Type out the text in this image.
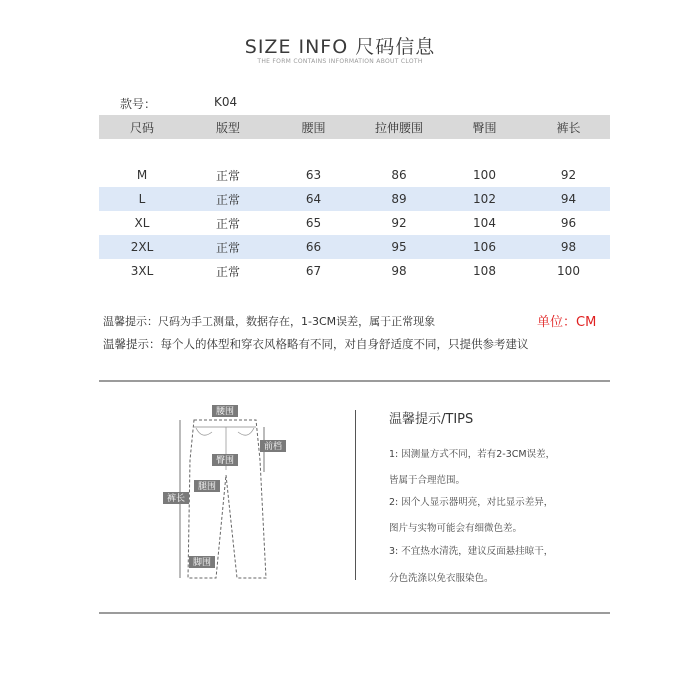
SIZE INFO 尺码信息
THE FORM CONTAINS INFORMATION ABOUT CLOTH
款号：	K04
尺码	版型	腰围	拉伸腰围	臀围	裤长
M	正常	63	86	100	92
L	正常	64	89	102	94
XL	正常	65	92	104	96
2XL	正常	66	95	106	98
3XL	正常	67	98	108	100
温馨提示：尺码为手工测量，数据存在，1-3CM误差，属于正常现象	单位：CM
温馨提示：每个人的体型和穿衣风格略有不同，对自身舒适度不同，只提供参考建议
腰围
前档
臀围
腿围
裤长
脚围
温馨提示/TIPS
1: 因测量方式不同，若有2-3CM误差，
皆属于合理范围。
2: 因个人显示器明亮，对比显示差异，
图片与实物可能会有细微色差。
3: 不宜热水清洗，建议反面悬挂晾干，
分色洗涤以免衣服染色。
